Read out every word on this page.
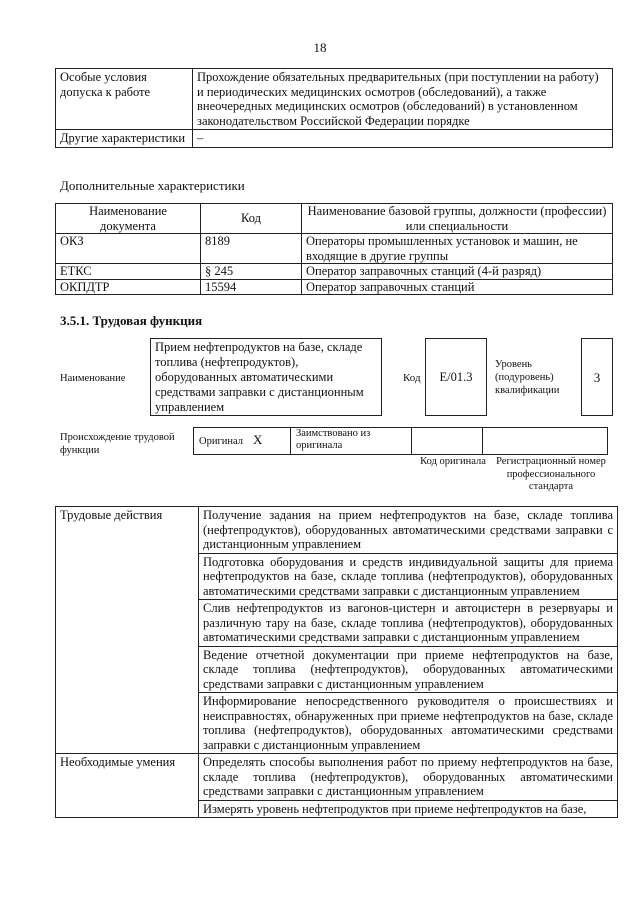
18
Особые условия допуска к работе	Прохождение обязательных предварительных (при поступлении на работу) и периодических медицинских осмотров (обследований), а также внеочередных медицинских осмотров (обследований) в установленном законодательством Российской Федерации порядке
Другие характеристики	–
Дополнительные характеристики
Наименование документа	Код	Наименование базовой группы, должности (профессии) или специальности
ОКЗ	8189	Операторы промышленных установок и машин, не входящие в другие группы
ЕТКС	§ 245	Оператор заправочных станций (4-й разряд)
ОКПДТР	15594	Оператор заправочных станций
3.5.1. Трудовая функция
Наименование
Прием нефтепродуктов на базе, складе топлива (нефтепродуктов), оборудованных автоматическими средствами заправки с дистанционным управлением
Код	E/01.3
Уровень (подуровень) квалификации
3
Происхождение трудовой функции
Оригинал X	Заимствовано из оригинала		
Код оригинала Регистрационный номер профессионального стандарта
Трудовые действия	Получение задания на прием нефтепродуктов на базе, складе топлива (нефтепродуктов), оборудованных автоматическими средствами заправки с дистанционным управлением
	Подготовка оборудования и средств индивидуальной защиты для приема нефтепродуктов на базе, складе топлива (нефтепродуктов), оборудованных автоматическими средствами заправки с дистанционным управлением
	Слив нефтепродуктов из вагонов-цистерн и автоцистерн в резервуары и различную тару на базе, складе топлива (нефтепродуктов), оборудованных автоматическими средствами заправки с дистанционным управлением
	Ведение отчетной документации при приеме нефтепродуктов на базе, складе топлива (нефтепродуктов), оборудованных автоматическими средствами заправки с дистанционным управлением
	Информирование непосредственного руководителя о происшествиях и неисправностях, обнаруженных при приеме нефтепродуктов на базе, складе топлива (нефтепродуктов), оборудованных автоматическими средствами заправки с дистанционным управлением
Необходимые умения	Определять способы выполнения работ по приему нефтепродуктов на базе, складе топлива (нефтепродуктов), оборудованных автоматическими средствами заправки с дистанционным управлением
	Измерять уровень нефтепродуктов при приеме нефтепродуктов на базе,
